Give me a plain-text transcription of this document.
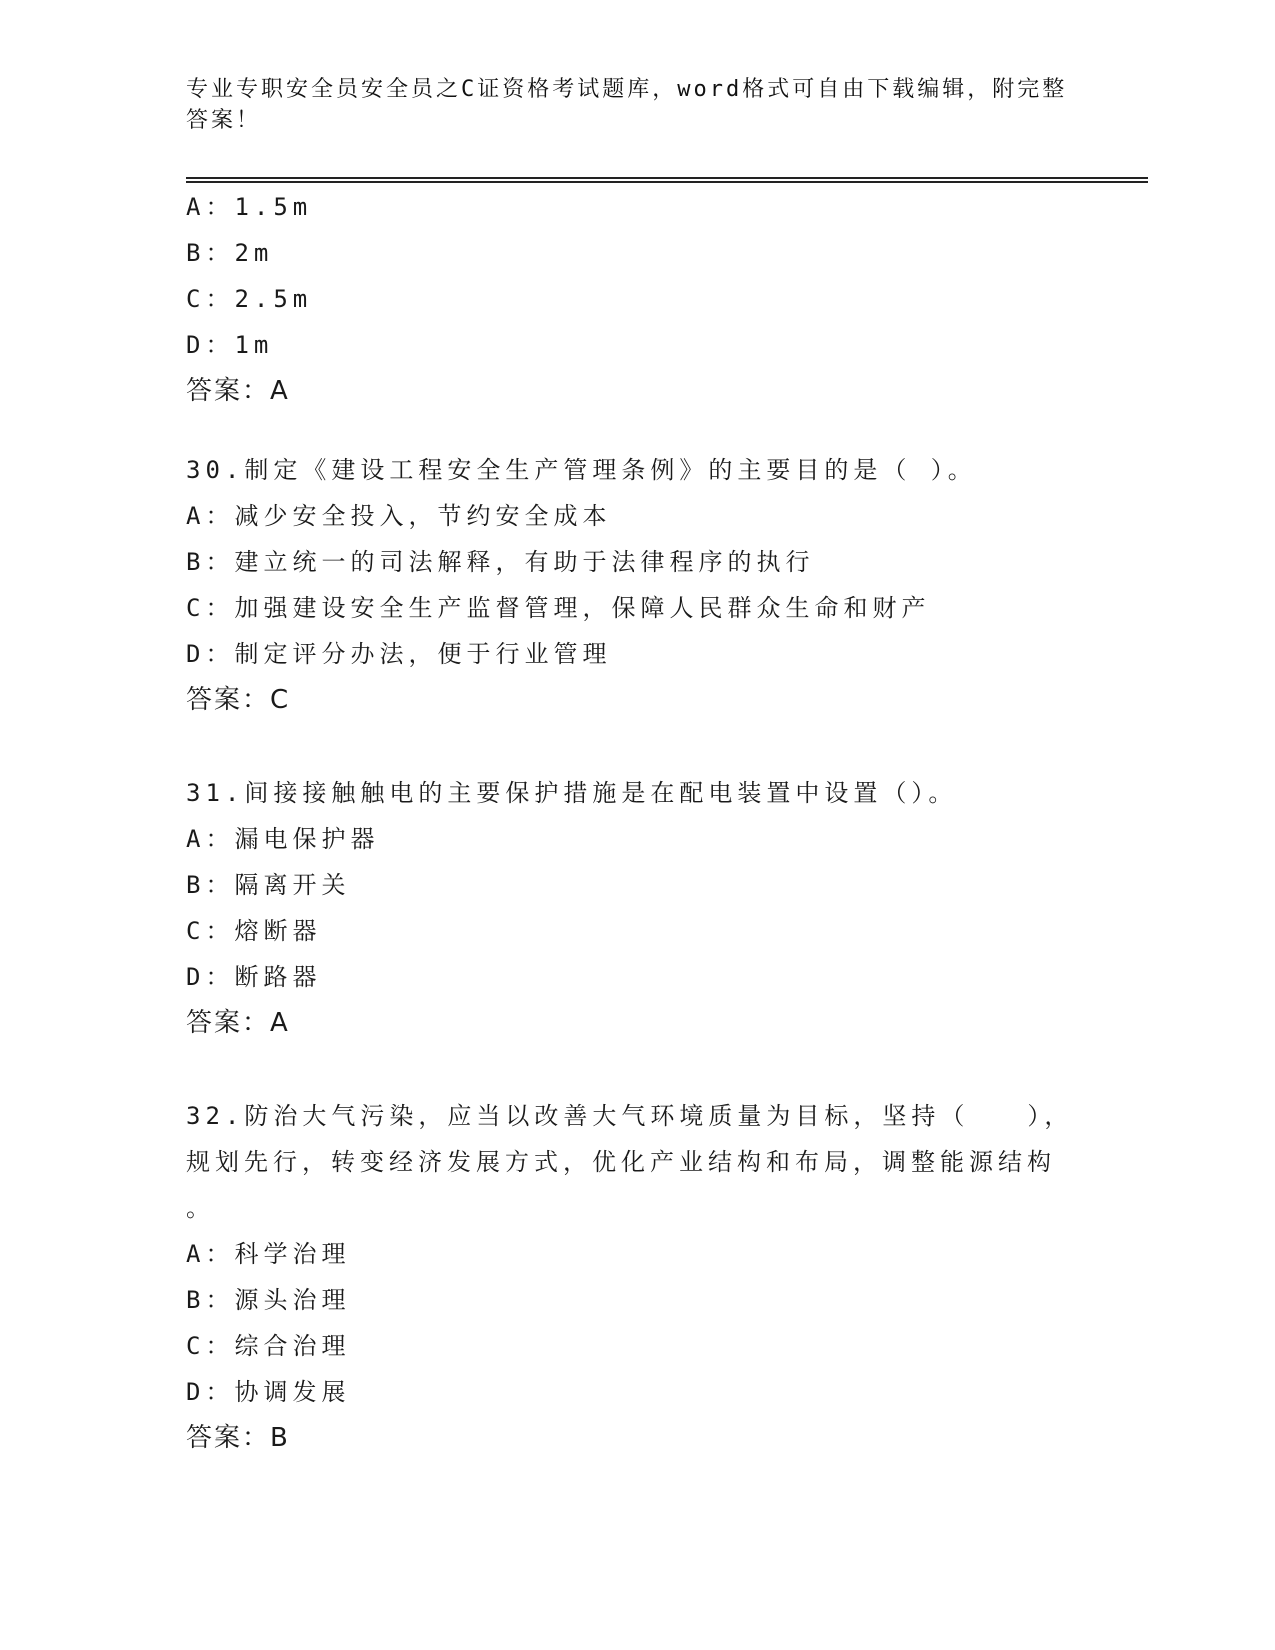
专业专职安全员安全员之C证资格考试题库，word格式可自由下载编辑，附完整
答案！
A：1.5m
B：2m
C：2.5m
D：1m
答案：A
30.制定《建设工程安全生产管理条例》的主要目的是（ ）。
A：减少安全投入，节约安全成本
B：建立统一的司法解释，有助于法律程序的执行
C：加强建设安全生产监督管理，保障人民群众生命和财产
D：制定评分办法，便于行业管理
答案：C
31.间接接触触电的主要保护措施是在配电装置中设置（）。
A：漏电保护器
B：隔离开关
C：熔断器
D：断路器
答案：A
32.防治大气污染，应当以改善大气环境质量为目标，坚持（　　），
规划先行，转变经济发展方式，优化产业结构和布局，调整能源结构
。
A：科学治理
B：源头治理
C：综合治理
D：协调发展
答案：B
